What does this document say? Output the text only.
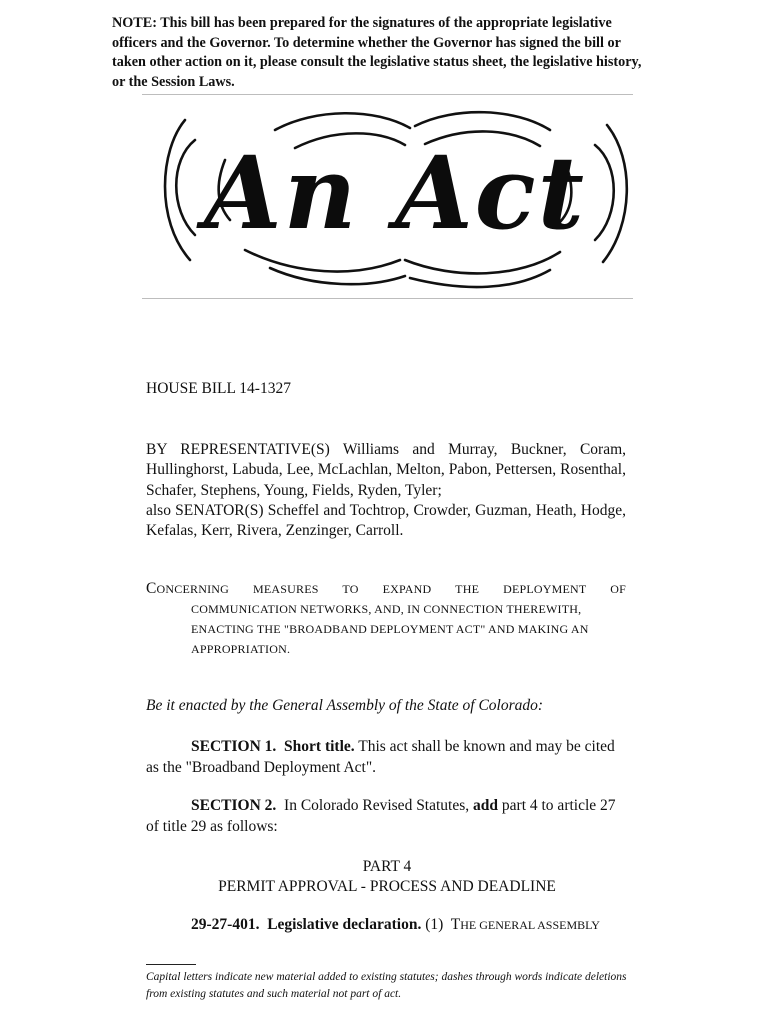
NOTE: This bill has been prepared for the signatures of the appropriate legislative officers and the Governor. To determine whether the Governor has signed the bill or taken other action on it, please consult the legislative status sheet, the legislative history, or the Session Laws.
An Act
HOUSE BILL 14-1327

BY REPRESENTATIVE(S) Williams and Murray, Buckner, Coram, Hullinghorst, Labuda, Lee, McLachlan, Melton, Pabon, Pettersen, Rosenthal, Schafer, Stephens, Young, Fields, Ryden, Tyler;

also SENATOR(S) Scheffel and Tochtrop, Crowder, Guzman, Heath, Hodge, Kefalas, Kerr, Rivera, Zenzinger, Carroll.

CONCERNING MEASURES TO EXPAND THE DEPLOYMENT OF
COMMUNICATION NETWORKS, AND, IN CONNECTION THEREWITH, ENACTING THE "BROADBAND DEPLOYMENT ACT" AND MAKING AN APPROPRIATION.
Be it enacted by the General Assembly of the State of Colorado:

SECTION 1. Short title. This act shall be known and may be cited as the "Broadband Deployment Act".

SECTION 2. In Colorado Revised Statutes, add part 4 to article 27 of title 29 as follows:

PART 4
PERMIT APPROVAL - PROCESS AND DEADLINE
29-27-401. Legislative declaration. (1) THE GENERAL ASSEMBLY
Capital letters indicate new material added to existing statutes; dashes through words indicate deletions from existing statutes and such material not part of act.
